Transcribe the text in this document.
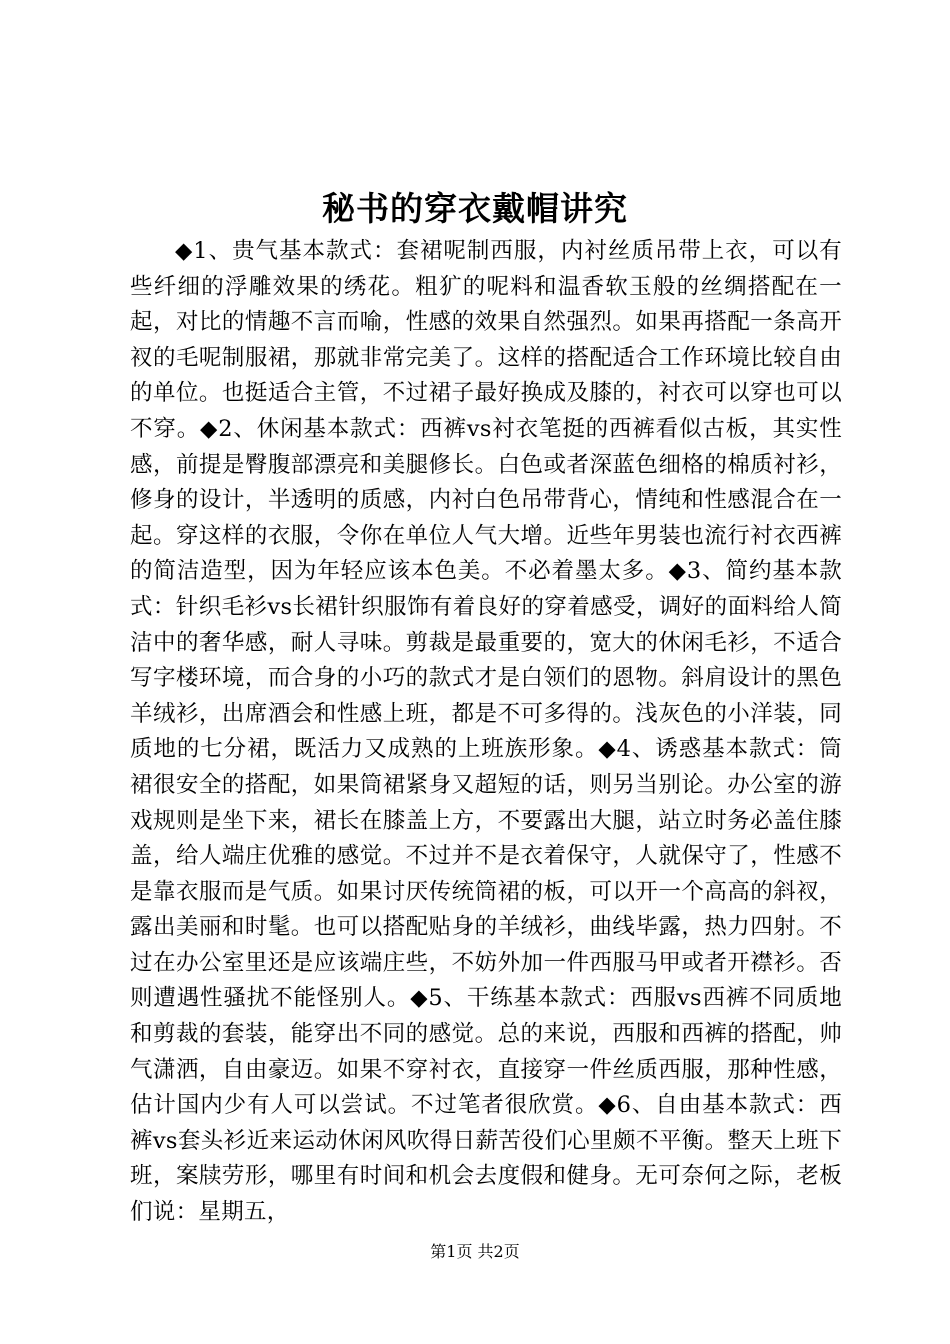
秘书的穿衣戴帽讲究

◆1、贵气基本款式：套裙呢制西服，内衬丝质吊带上衣，可以有些纤细的浮雕效果的绣花。粗犷的呢料和温香软玉般的丝绸搭配在一起，对比的情趣不言而喻，性感的效果自然强烈。如果再搭配一条高开衩的毛呢制服裙，那就非常完美了。这样的搭配适合工作环境比较自由的单位。也挺适合主管，不过裙子最好换成及膝的，衬衣可以穿也可以不穿。◆2、休闲基本款式：西裤vs衬衣笔挺的西裤看似古板，其实性感，前提是臀腹部漂亮和美腿修长。白色或者深蓝色细格的棉质衬衫，修身的设计，半透明的质感，内衬白色吊带背心，情纯和性感混合在一起。穿这样的衣服，令你在单位人气大增。近些年男装也流行衬衣西裤的简洁造型，因为年轻应该本色美。不必着墨太多。◆3、简约基本款式：针织毛衫vs长裙针织服饰有着良好的穿着感受，调好的面料给人简洁中的奢华感，耐人寻味。剪裁是最重要的，宽大的休闲毛衫，不适合写字楼环境，而合身的小巧的款式才是白领们的恩物。斜肩设计的黑色羊绒衫，出席酒会和性感上班，都是不可多得的。浅灰色的小洋装，同质地的七分裙，既活力又成熟的上班族形象。◆4、诱惑基本款式：筒裙很安全的搭配，如果筒裙紧身又超短的话，则另当别论。办公室的游戏规则是坐下来，裙长在膝盖上方，不要露出大腿，站立时务必盖住膝盖，给人端庄优雅的感觉。不过并不是衣着保守，人就保守了，性感不是靠衣服而是气质。如果讨厌传统筒裙的板，可以开一个高高的斜衩，露出美丽和时髦。也可以搭配贴身的羊绒衫，曲线毕露，热力四射。不过在办公室里还是应该端庄些，不妨外加一件西服马甲或者开襟衫。否则遭遇性骚扰不能怪别人。◆5、干练基本款式：西服vs西裤不同质地和剪裁的套装，能穿出不同的感觉。总的来说，西服和西裤的搭配，帅气潇洒，自由豪迈。如果不穿衬衣，直接穿一件丝质西服，那种性感，估计国内少有人可以尝试。不过笔者很欣赏。◆6、自由基本款式：西裤vs套头衫近来运动休闲风吹得日薪苦役们心里颇不平衡。整天上班下班，案牍劳形，哪里有时间和机会去度假和健身。无可奈何之际，老板们说：星期五，

第1页 共2页
